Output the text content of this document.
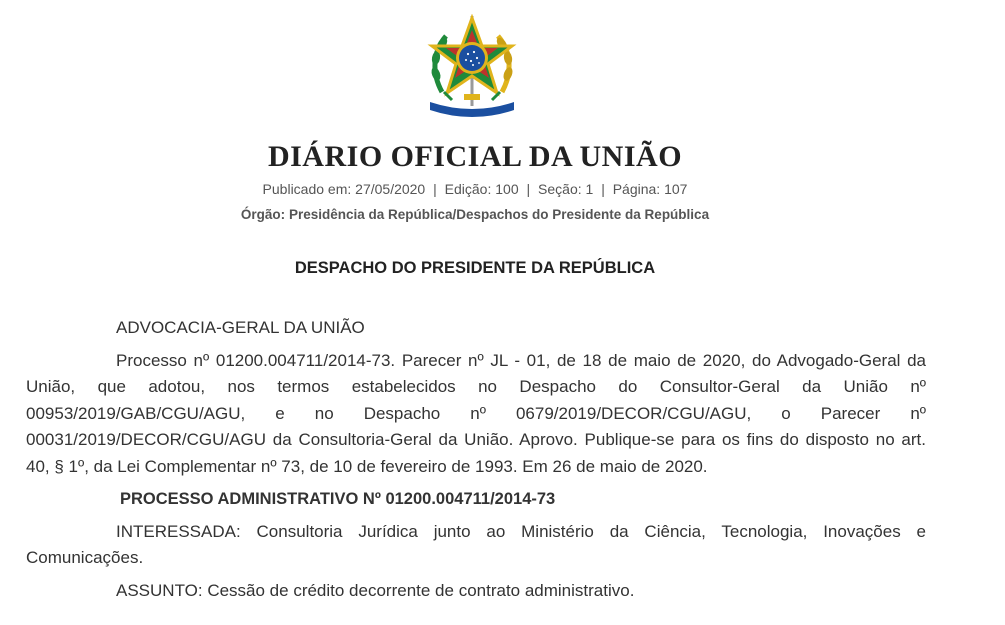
DIÁRIO OFICIAL DA UNIÃO
Publicado em: 27/05/2020 | Edição: 100 | Seção: 1 | Página: 107
Órgão: Presidência da República/Despachos do Presidente da República
DESPACHO DO PRESIDENTE DA REPÚBLICA

ADVOCACIA-GERAL DA UNIÃO

Processo nº 01200.004711/2014-73. Parecer nº JL - 01, de 18 de maio de 2020, do Advogado-Geral da União, que adotou, nos termos estabelecidos no Despacho do Consultor-Geral da União nº 00953/2019/GAB/CGU/AGU, e no Despacho nº 0679/2019/DECOR/CGU/AGU, o Parecer nº 00031/2019/DECOR/CGU/AGU da Consultoria-Geral da União. Aprovo. Publique-se para os fins do disposto no art. 40, § 1º, da Lei Complementar nº 73, de 10 de fevereiro de 1993. Em 26 de maio de 2020.

PROCESSO ADMINISTRATIVO Nº 01200.004711/2014-73

INTERESSADA: Consultoria Jurídica junto ao Ministério da Ciência, Tecnologia, Inovações e Comunicações.

ASSUNTO: Cessão de crédito decorrente de contrato administrativo.
